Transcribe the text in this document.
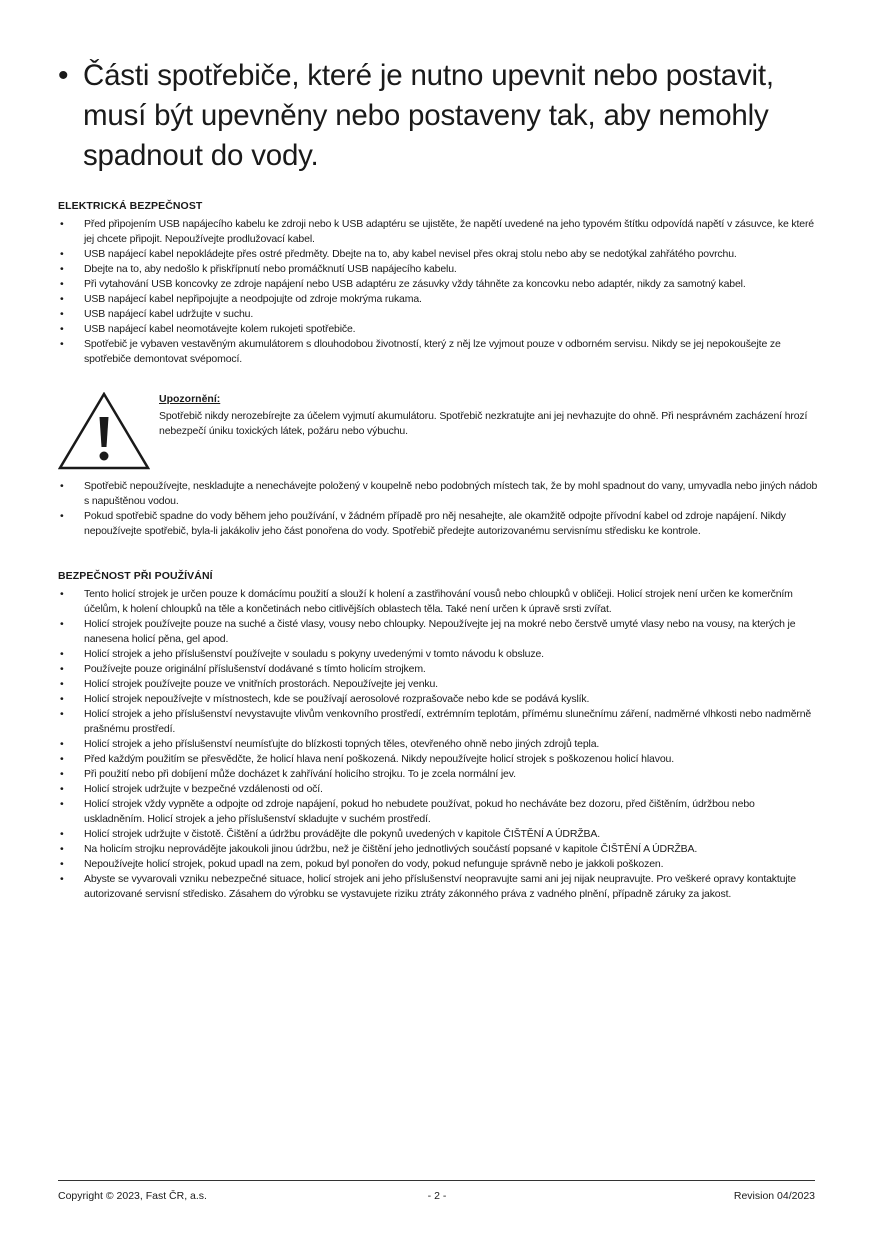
• Části spotřebiče, které je nutno upevnit nebo postavit, musí být upevněny nebo postaveny tak, aby nemohly spadnout do vody.
ELEKTRICKÁ BEZPEČNOST
• Před připojením USB napájecího kabelu ke zdroji nebo k USB adaptéru se ujistěte, že napětí uvedené na jeho typovém štítku odpovídá napětí v zásuvce, ke které jej chcete připojit. Nepoužívejte prodlužovací kabel.
• USB napájecí kabel nepokládejte přes ostré předměty. Dbejte na to, aby kabel nevisel přes okraj stolu nebo aby se nedotýkal zahřátého povrchu.
• Dbejte na to, aby nedošlo k přiskřípnutí nebo promáčknutí USB napájecího kabelu.
• Při vytahování USB koncovky ze zdroje napájení nebo USB adaptéru ze zásuvky vždy táhněte za koncovku nebo adaptér, nikdy za samotný kabel.
• USB napájecí kabel nepřipojujte a neodpojujte od zdroje mokrýma rukama.
• USB napájecí kabel udržujte v suchu.
• USB napájecí kabel neomotávejte kolem rukojeti spotřebiče.
• Spotřebič je vybaven vestavěným akumulátorem s dlouhodobou životností, který z něj lze vyjmout pouze v odborném servisu. Nikdy se jej nepokoušejte ze spotřebiče demontovat svépomocí.
Upozornění:
Spotřebič nikdy nerozebírejte za účelem vyjmutí akumulátoru. Spotřebič nezkratujte ani jej nevhazujte do ohně. Při nesprávném zacházení hrozí nebezpečí úniku toxických látek, požáru nebo výbuchu.
• Spotřebič nepoužívejte, neskladujte a nenechávejte položený v koupelně nebo podobných místech tak, že by mohl spadnout do vany, umyvadla nebo jiných nádob s napuštěnou vodou.
• Pokud spotřebič spadne do vody během jeho používání, v žádném případě pro něj nesahejte, ale okamžitě odpojte přívodní kabel od zdroje napájení. Nikdy nepoužívejte spotřebič, byla-li jakákoliv jeho část ponořena do vody. Spotřebič předejte autorizovanému servisnímu středisku ke kontrole.
BEZPEČNOST PŘI POUŽÍVÁNÍ
• Tento holicí strojek je určen pouze k domácímu použití a slouží k holení a zastřihování vousů nebo chloupků v obličeji. Holicí strojek není určen ke komerčním účelům, k holení chloupků na těle a končetinách nebo citlivějších oblastech těla. Také není určen k úpravě srsti zvířat.
• Holicí strojek používejte pouze na suché a čisté vlasy, vousy nebo chloupky. Nepoužívejte jej na mokré nebo čerstvě umyté vlasy nebo na vousy, na kterých je nanesena holicí pěna, gel apod.
• Holicí strojek a jeho příslušenství používejte v souladu s pokyny uvedenými v tomto návodu k obsluze.
• Používejte pouze originální příslušenství dodávané s tímto holicím strojkem.
• Holicí strojek používejte pouze ve vnitřních prostorách. Nepoužívejte jej venku.
• Holicí strojek nepoužívejte v místnostech, kde se používají aerosolové rozprašovače nebo kde se podává kyslík.
• Holicí strojek a jeho příslušenství nevystavujte vlivům venkovního prostředí, extrémním teplotám, přímému slunečnímu záření, nadměrné vlhkosti nebo nadměrně prašnému prostředí.
• Holicí strojek a jeho příslušenství neumísťujte do blízkosti topných těles, otevřeného ohně nebo jiných zdrojů tepla.
• Před každým použitím se přesvědčte, že holicí hlava není poškozená. Nikdy nepoužívejte holicí strojek s poškozenou holicí hlavou.
• Při použití nebo při dobíjení může docházet k zahřívání holicího strojku. To je zcela normální jev.
• Holicí strojek udržujte v bezpečné vzdálenosti od očí.
• Holicí strojek vždy vypněte a odpojte od zdroje napájení, pokud ho nebudete používat, pokud ho necháváte bez dozoru, před čištěním, údržbou nebo uskladněním. Holicí strojek a jeho příslušenství skladujte v suchém prostředí.
• Holicí strojek udržujte v čistotě. Čištění a údržbu provádějte dle pokynů uvedených v kapitole ČIŠTĚNÍ A ÚDRŽBA.
• Na holicím strojku neprovádějte jakoukoli jinou údržbu, než je čištění jeho jednotlivých součástí popsané v kapitole ČIŠTĚNÍ A ÚDRŽBA.
• Nepoužívejte holicí strojek, pokud upadl na zem, pokud byl ponořen do vody, pokud nefunguje správně nebo je jakkoli poškozen.
• Abyste se vyvarovali vzniku nebezpečné situace, holicí strojek ani jeho příslušenství neopravujte sami ani jej nijak neupravujte. Pro veškeré opravy kontaktujte autorizované servisní středisko. Zásahem do výrobku se vystavujete riziku ztráty zákonného práva z vadného plnění, případně záruky za jakost.
Copyright © 2023, Fast ČR, a.s.	- 2 -	Revision 04/2023
